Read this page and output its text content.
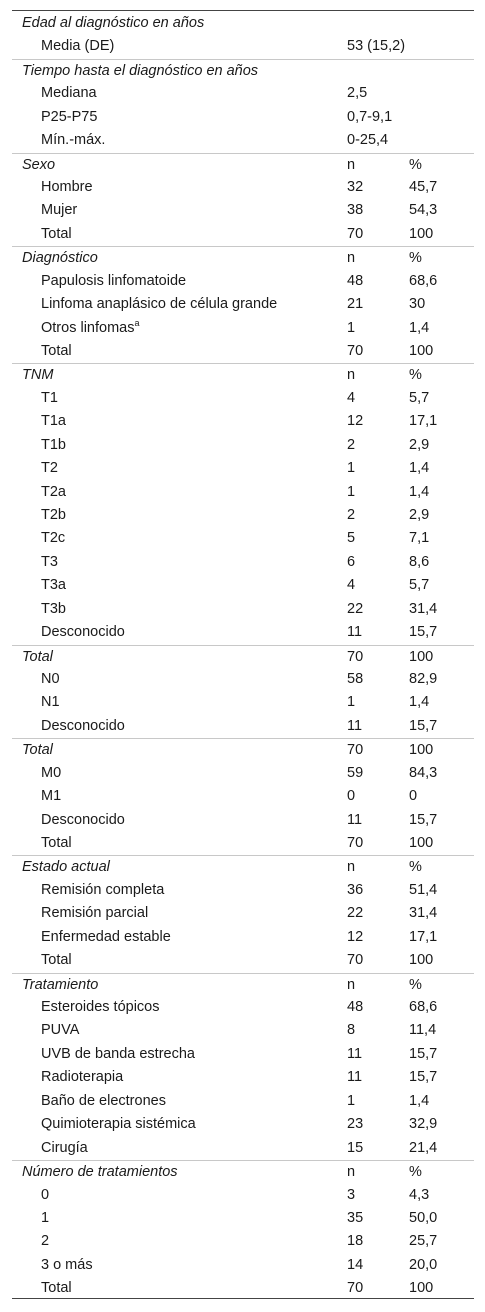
Edad al diagnóstico en años
Media (DE)	53 (15,2)
Tiempo hasta el diagnóstico en años
Mediana	2,5
P25-P75	0,7-9,1
Mín.-máx.	0-25,4
Sexo	n	%
Hombre	32	45,7
Mujer	38	54,3
Total	70	100
Diagnóstico	n	%
Papulosis linfomatoide	48	68,6
Linfoma anaplásico de célula grande	21	30
Otros linfomas$^a$	1	1,4
Total	70	100
TNM	n	%
T1	4	5,7
T1a	12	17,1
T1b	2	2,9
T2	1	1,4
T2a	1	1,4
T2b	2	2,9
T2c	5	7,1
T3	6	8,6
T3a	4	5,7
T3b	22	31,4
Desconocido	11	15,7
Total	70	100
N0	58	82,9
N1	1	1,4
Desconocido	11	15,7
Total	70	100
M0	59	84,3
M1	0	0
Desconocido	11	15,7
Total	70	100
Estado actual	n	%
Remisión completa	36	51,4
Remisión parcial	22	31,4
Enfermedad estable	12	17,1
Total	70	100
Tratamiento	n	%
Esteroides tópicos	48	68,6
PUVA	8	11,4
UVB de banda estrecha	11	15,7
Radioterapia	11	15,7
Baño de electrones	1	1,4
Quimioterapia sistémica	23	32,9
Cirugía	15	21,4
Número de tratamientos	n	%
0	3	4,3
1	35	50,0
2	18	25,7
3 o más	14	20,0
Total	70	100
